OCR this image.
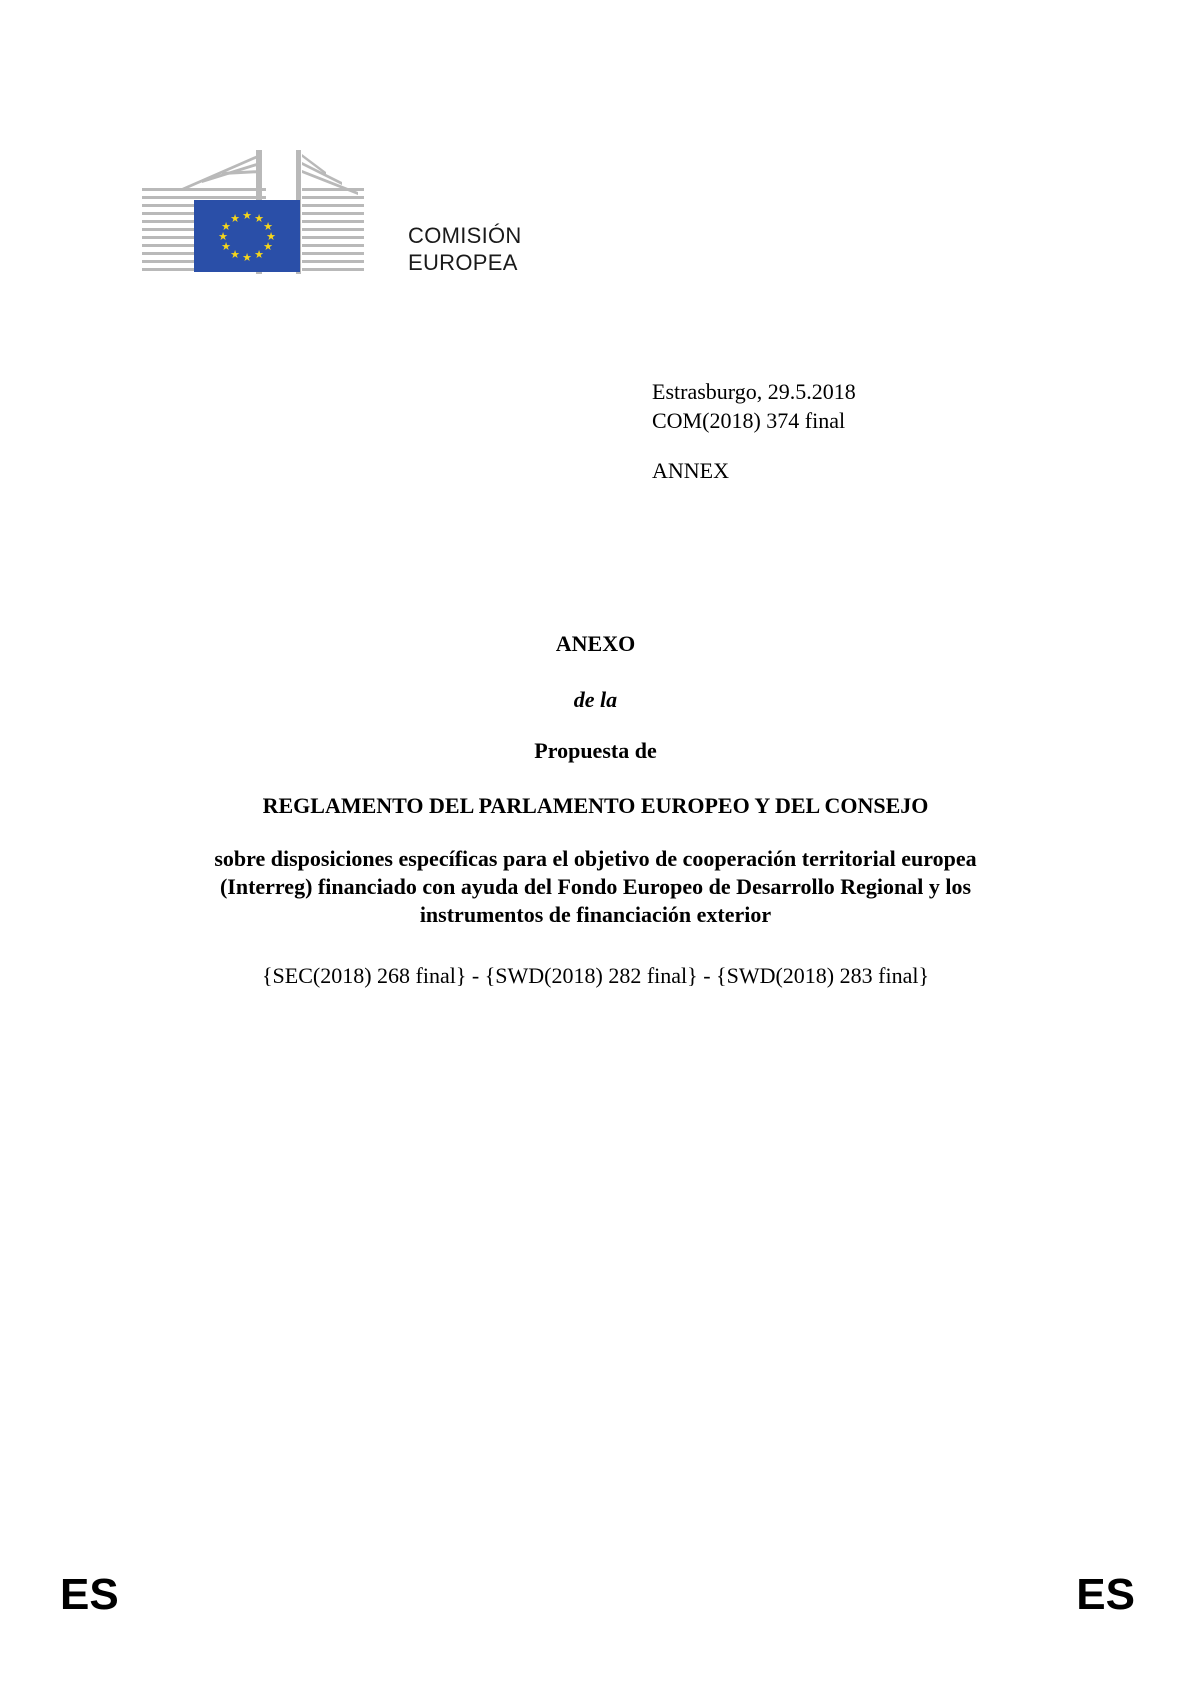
★ ★
★
★
★
★
★
★
★
★
★
★
COMISIÓN
EUROPEA
Estrasburgo, 29.5.2018
COM(2018) 374 final
ANNEX
ANEXO
de la
Propuesta de
REGLAMENTO DEL PARLAMENTO EUROPEO Y DEL CONSEJO
sobre disposiciones específicas para el objetivo de cooperación territorial europea
(Interreg) financiado con ayuda del Fondo Europeo de Desarrollo Regional y los
instrumentos de financiación exterior
{SEC(2018) 268 final} - {SWD(2018) 282 final} - {SWD(2018) 283 final}
ES	ES
